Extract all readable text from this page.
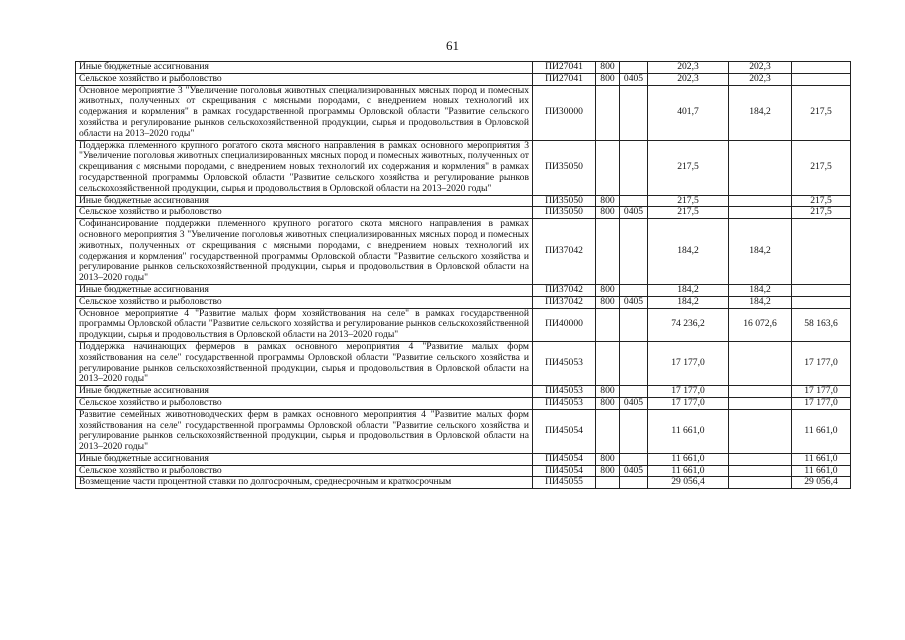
61
Иные бюджетные ассигнования	ПИ27041	800		202,3	202,3	
Сельское хозяйство и рыболовство	ПИ27041	800	0405	202,3	202,3	
Основное мероприятие 3 "Увеличение поголовья животных специализированных мясных пород и помесных животных, полученных от скрещивания с мясными породами, с внедрением новых технологий их содержания и кормления" в рамках государственной программы Орловской области "Развитие сельского хозяйства и регулирование рынков сельскохозяйственной продукции, сырья и продовольствия в Орловской области на 2013–2020 годы"	ПИ30000			401,7	184,2	217,5
Поддержка племенного крупного рогатого скота мясного направления в рамках основного мероприятия 3 "Увеличение поголовья животных специализированных мясных пород и помесных животных, полученных от скрещивания с мясными породами, с внедрением новых технологий их содержания и кормления" в рамках государственной программы Орловской области "Развитие сельского хозяйства и регулирование рынков сельскохозяйственной продукции, сырья и продовольствия в Орловской области на 2013–2020 годы"	ПИ35050			217,5		217,5
Иные бюджетные ассигнования	ПИ35050	800		217,5		217,5
Сельское хозяйство и рыболовство	ПИ35050	800	0405	217,5		217,5
Софинансирование поддержки племенного крупного рогатого скота мясного направления в рамках основного мероприятия 3 "Увеличение поголовья животных специализированных мясных пород и помесных животных, полученных от скрещивания с мясными породами, с внедрением новых технологий их содержания и кормления" государственной программы Орловской области "Развитие сельского хозяйства и регулирование рынков сельскохозяйственной продукции, сырья и продовольствия в Орловской области на 2013–2020 годы"	ПИ37042			184,2	184,2	
Иные бюджетные ассигнования	ПИ37042	800		184,2	184,2	
Сельское хозяйство и рыболовство	ПИ37042	800	0405	184,2	184,2	
Основное мероприятие 4 "Развитие малых форм хозяйствования на селе" в рамках государственной программы Орловской области "Развитие сельского хозяйства и регулирование рынков сельскохозяйственной продукции, сырья и продовольствия в Орловской области на 2013–2020 годы"	ПИ40000			74 236,2	16 072,6	58 163,6
Поддержка начинающих фермеров в рамках основного мероприятия 4 "Развитие малых форм хозяйствования на селе" государственной программы Орловской области "Развитие сельского хозяйства и регулирование рынков сельскохозяйственной продукции, сырья и продовольствия в Орловской области на 2013–2020 годы"	ПИ45053			17 177,0		17 177,0
Иные бюджетные ассигнования	ПИ45053	800		17 177,0		17 177,0
Сельское хозяйство и рыболовство	ПИ45053	800	0405	17 177,0		17 177,0
Развитие семейных животноводческих ферм в рамках основного мероприятия 4 "Развитие малых форм хозяйствования на селе" государственной программы Орловской области "Развитие сельского хозяйства и регулирование рынков сельскохозяйственной продукции, сырья и продовольствия в Орловской области на 2013–2020 годы"	ПИ45054			11 661,0		11 661,0
Иные бюджетные ассигнования	ПИ45054	800		11 661,0		11 661,0
Сельское хозяйство и рыболовство	ПИ45054	800	0405	11 661,0		11 661,0
Возмещение части процентной ставки по долгосрочным, среднесрочным и краткосрочным	ПИ45055			29 056,4		29 056,4
